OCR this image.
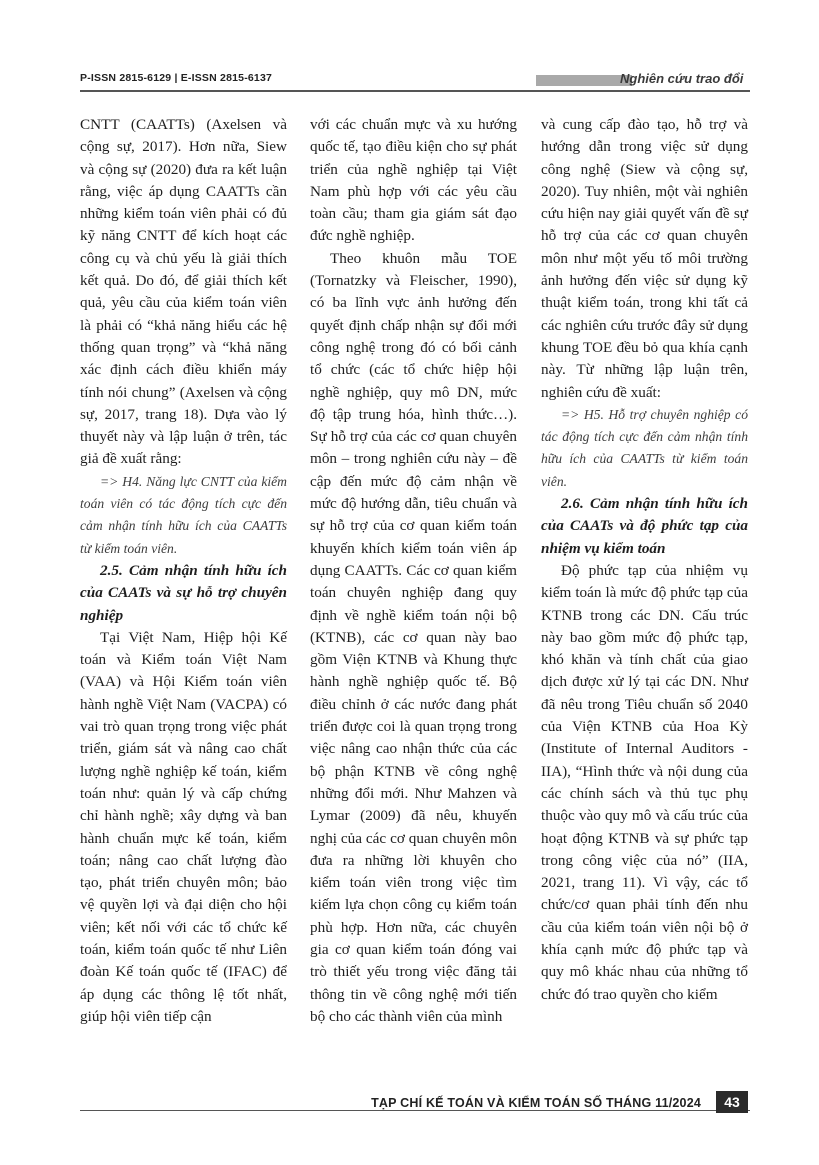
P-ISSN 2815-6129 | E-ISSN 2815-6137	Nghiên cứu trao đổi

CNTT (CAATTs) (Axelsen và cộng sự, 2017). Hơn nữa, Siew và cộng sự (2020) đưa ra kết luận rằng, việc áp dụng CAATTs cần những kiểm toán viên phải có đủ kỹ năng CNTT để kích hoạt các công cụ và chủ yếu là giải thích kết quả. Do đó, để giải thích kết quả, yêu cầu của kiểm toán viên là phải có “khả năng hiểu các hệ thống quan trọng” và “khả năng xác định cách điều khiển máy tính nói chung” (Axelsen và cộng sự, 2017, trang 18). Dựa vào lý thuyết này và lập luận ở trên, tác giả đề xuất rằng:

=> H4. Năng lực CNTT của kiểm toán viên có tác động tích cực đến cảm nhận tính hữu ích của CAATTs từ kiểm toán viên.

2.5. Cảm nhận tính hữu ích của CAATs và sự hỗ trợ chuyên nghiệp

Tại Việt Nam, Hiệp hội Kế toán và Kiểm toán Việt Nam (VAA) và Hội Kiểm toán viên hành nghề Việt Nam (VACPA) có vai trò quan trọng trong việc phát triển, giám sát và nâng cao chất lượng nghề nghiệp kế toán, kiểm toán như: quản lý và cấp chứng chỉ hành nghề; xây dựng và ban hành chuẩn mực kế toán, kiểm toán; nâng cao chất lượng đào tạo, phát triển chuyên môn; bảo vệ quyền lợi và đại diện cho hội viên; kết nối với các tổ chức kế toán, kiểm toán quốc tế như Liên đoàn Kế toán quốc tế (IFAC) để áp dụng các thông lệ tốt nhất, giúp hội viên tiếp cận

với các chuẩn mực và xu hướng quốc tế, tạo điều kiện cho sự phát triển của nghề nghiệp tại Việt Nam phù hợp với các yêu cầu toàn cầu; tham gia giám sát đạo đức nghề nghiệp.

Theo khuôn mẫu TOE (Tornatzky và Fleischer, 1990), có ba lĩnh vực ảnh hưởng đến quyết định chấp nhận sự đổi mới công nghệ trong đó có bối cảnh tổ chức (các tổ chức hiệp hội nghề nghiệp, quy mô DN, mức độ tập trung hóa, hình thức…). Sự hỗ trợ của các cơ quan chuyên môn – trong nghiên cứu này – đề cập đến mức độ cảm nhận về mức độ hướng dẫn, tiêu chuẩn và sự hỗ trợ của cơ quan kiểm toán khuyến khích kiểm toán viên áp dụng CAATTs. Các cơ quan kiểm toán chuyên nghiệp đang quy định về nghề kiểm toán nội bộ (KTNB), các cơ quan này bao gồm Viện KTNB và Khung thực hành nghề nghiệp quốc tế. Bộ điều chỉnh ở các nước đang phát triển được coi là quan trọng trong việc nâng cao nhận thức của các bộ phận KTNB về công nghệ những đổi mới. Như Mahzen và Lymar (2009) đã nêu, khuyến nghị của các cơ quan chuyên môn đưa ra những lời khuyên cho kiểm toán viên trong việc tìm kiếm lựa chọn công cụ kiểm toán phù hợp. Hơn nữa, các chuyên gia cơ quan kiểm toán đóng vai trò thiết yếu trong việc đăng tải thông tin về công nghệ mới tiến bộ cho các thành viên của mình

và cung cấp đào tạo, hỗ trợ và hướng dẫn trong việc sử dụng công nghệ (Siew và cộng sự, 2020). Tuy nhiên, một vài nghiên cứu hiện nay giải quyết vấn đề sự hỗ trợ của các cơ quan chuyên môn như một yếu tố môi trường ảnh hưởng đến việc sử dụng kỹ thuật kiểm toán, trong khi tất cả các nghiên cứu trước đây sử dụng khung TOE đều bỏ qua khía cạnh này. Từ những lập luận trên, nghiên cứu đề xuất:

=> H5. Hỗ trợ chuyên nghiệp có tác động tích cực đến cảm nhận tính hữu ích của CAATTs từ kiểm toán viên.

2.6. Cảm nhận tính hữu ích của CAATs và độ phức tạp của nhiệm vụ kiểm toán

Độ phức tạp của nhiệm vụ kiểm toán là mức độ phức tạp của KTNB trong các DN. Cấu trúc này bao gồm mức độ phức tạp, khó khăn và tính chất của giao dịch được xử lý tại các DN. Như đã nêu trong Tiêu chuẩn số 2040 của Viện KTNB của Hoa Kỳ (Institute of Internal Auditors - IIA), “Hình thức và nội dung của các chính sách và thủ tục phụ thuộc vào quy mô và cấu trúc của hoạt động KTNB và sự phức tạp trong công việc của nó” (IIA, 2021, trang 11). Vì vậy, các tổ chức/cơ quan phải tính đến nhu cầu của kiểm toán viên nội bộ ở khía cạnh mức độ phức tạp và quy mô khác nhau của những tổ chức đó trao quyền cho kiểm

TẠP CHÍ KẾ TOÁN VÀ KIỂM TOÁN SỐ THÁNG 11/2024	43
